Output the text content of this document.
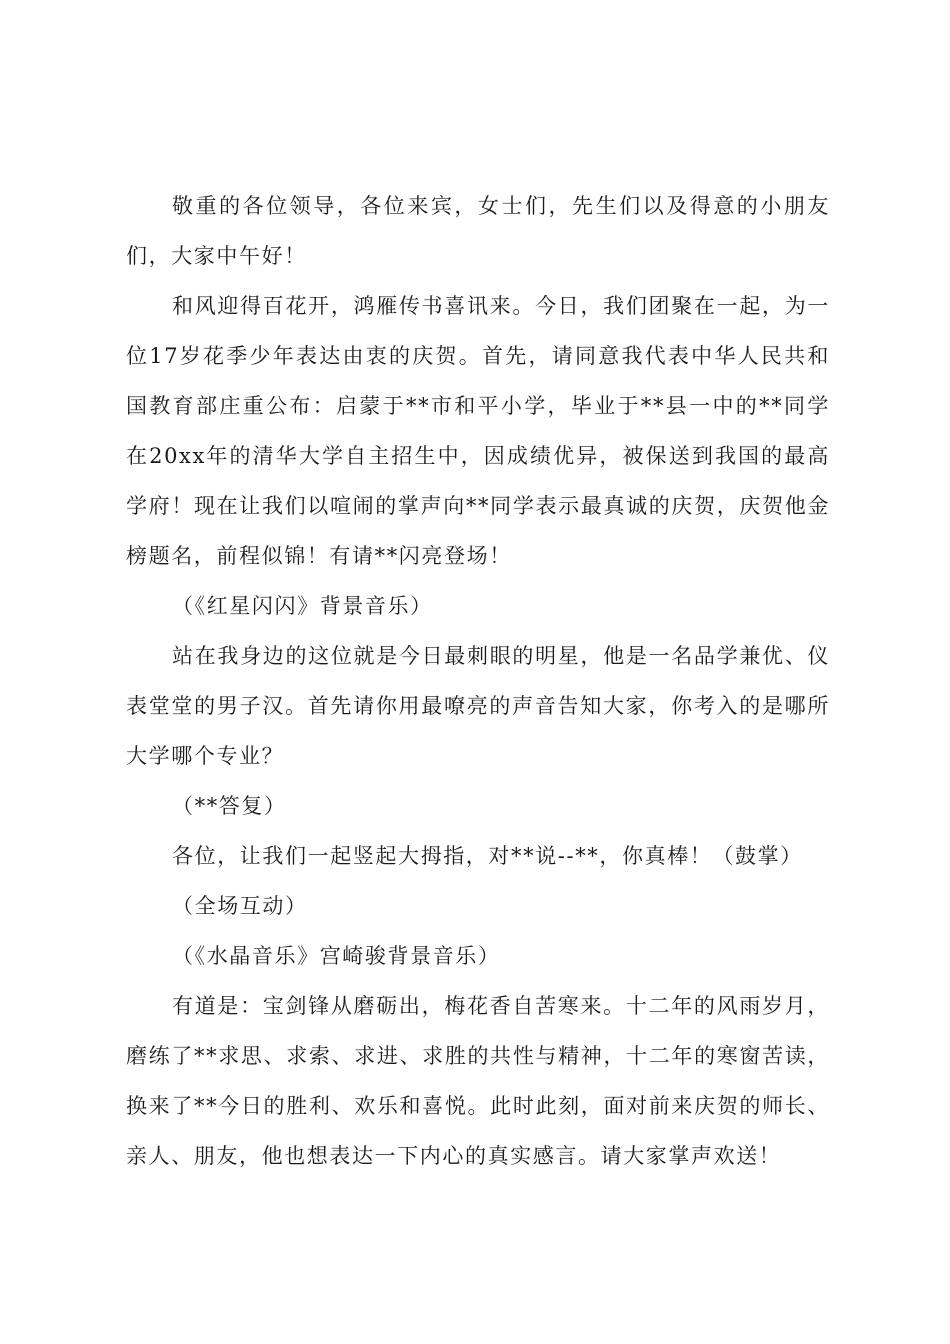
敬重的各位领导，各位来宾，女士们，先生们以及得意的小朋友们，大家中午好！

和风迎得百花开，鸿雁传书喜讯来。今日，我们团聚在一起，为一位17岁花季少年表达由衷的庆贺。首先，请同意我代表中华人民共和国教育部庄重公布：启蒙于**市和平小学，毕业于**县一中的**同学在20xx年的清华大学自主招生中，因成绩优异，被保送到我国的最高学府！现在让我们以喧闹的掌声向**同学表示最真诚的庆贺，庆贺他金榜题名，前程似锦！有请**闪亮登场！

（《红星闪闪》背景音乐）

站在我身边的这位就是今日最刺眼的明星，他是一名品学兼优、仪表堂堂的男子汉。首先请你用最嘹亮的声音告知大家，你考入的是哪所大学哪个专业？

（**答复）

各位，让我们一起竖起大拇指，对**说--**，你真棒！（鼓掌）

（全场互动）

（《水晶音乐》宫崎骏背景音乐）

有道是：宝剑锋从磨砺出，梅花香自苦寒来。十二年的风雨岁月，磨练了**求思、求索、求进、求胜的共性与精神，十二年的寒窗苦读，换来了**今日的胜利、欢乐和喜悦。此时此刻，面对前来庆贺的师长、亲人、朋友，他也想表达一下内心的真实感言。请大家掌声欢送！
